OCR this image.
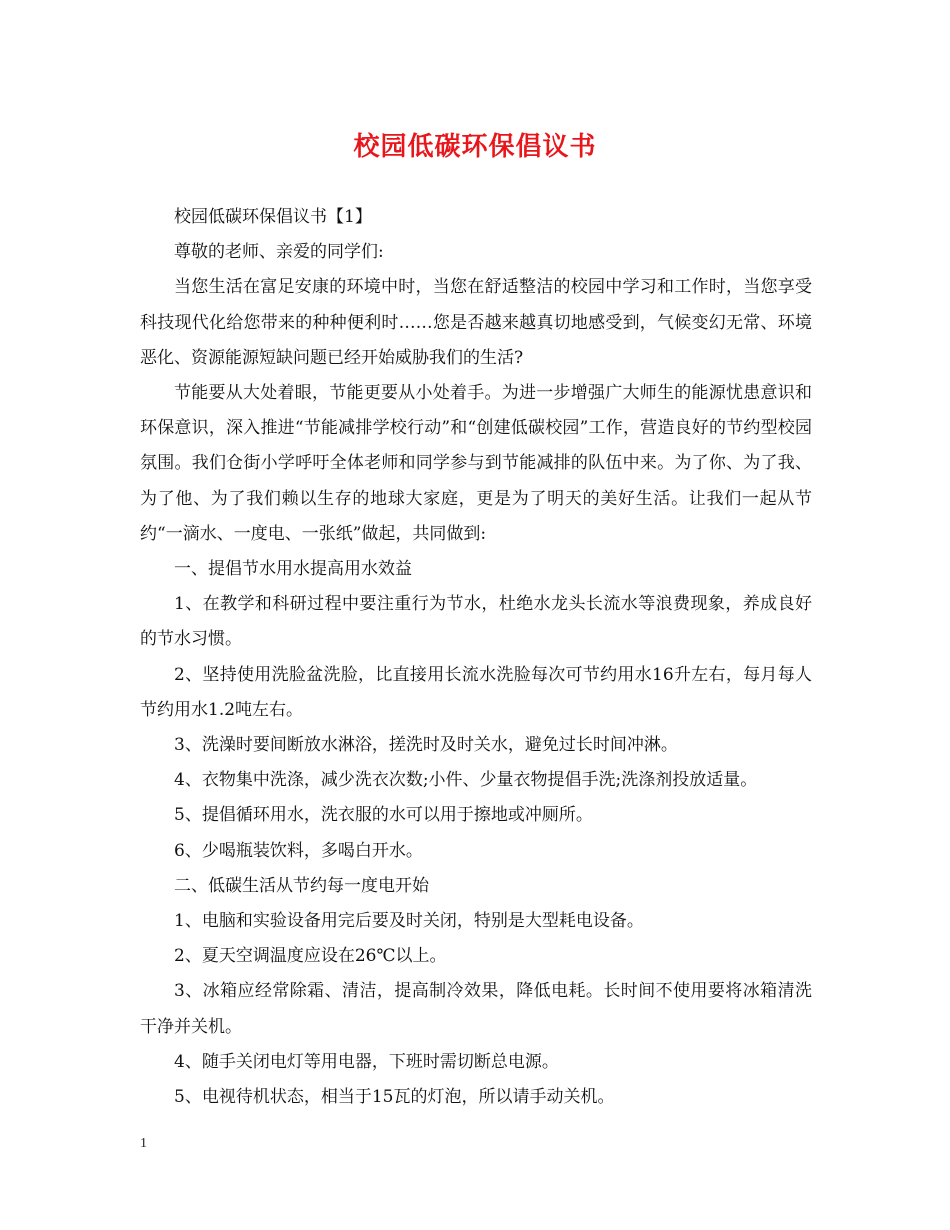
校园低碳环保倡议书

校园低碳环保倡议书【1】

尊敬的老师、亲爱的同学们:

当您生活在富足安康的环境中时，当您在舒适整洁的校园中学习和工作时，当您享受科技现代化给您带来的种种便利时……您是否越来越真切地感受到，气候变幻无常、环境恶化、资源能源短缺问题已经开始威胁我们的生活?

节能要从大处着眼，节能更要从小处着手。为进一步增强广大师生的能源忧患意识和环保意识，深入推进“节能减排学校行动”和“创建低碳校园”工作，营造良好的节约型校园氛围。我们仓街小学呼吁全体老师和同学参与到节能减排的队伍中来。为了你、为了我、为了他、为了我们赖以生存的地球大家庭，更是为了明天的美好生活。让我们一起从节约“一滴水、一度电、一张纸”做起，共同做到:

一、提倡节水用水提高用水效益

1、在教学和科研过程中要注重行为节水，杜绝水龙头长流水等浪费现象，养成良好的节水习惯。

2、坚持使用洗脸盆洗脸，比直接用长流水洗脸每次可节约用水16升左右，每月每人节约用水1.2吨左右。

3、洗澡时要间断放水淋浴，搓洗时及时关水，避免过长时间冲淋。

4、衣物集中洗涤，减少洗衣次数;小件、少量衣物提倡手洗;洗涤剂投放适量。

5、提倡循环用水，洗衣服的水可以用于擦地或冲厕所。

6、少喝瓶装饮料，多喝白开水。

二、低碳生活从节约每一度电开始

1、电脑和实验设备用完后要及时关闭，特别是大型耗电设备。

2、夏天空调温度应设在26℃以上。

3、冰箱应经常除霜、清洁，提高制冷效果，降低电耗。长时间不使用要将冰箱清洗干净并关机。

4、随手关闭电灯等用电器，下班时需切断总电源。

5、电视待机状态，相当于15瓦的灯泡，所以请手动关机。

1
